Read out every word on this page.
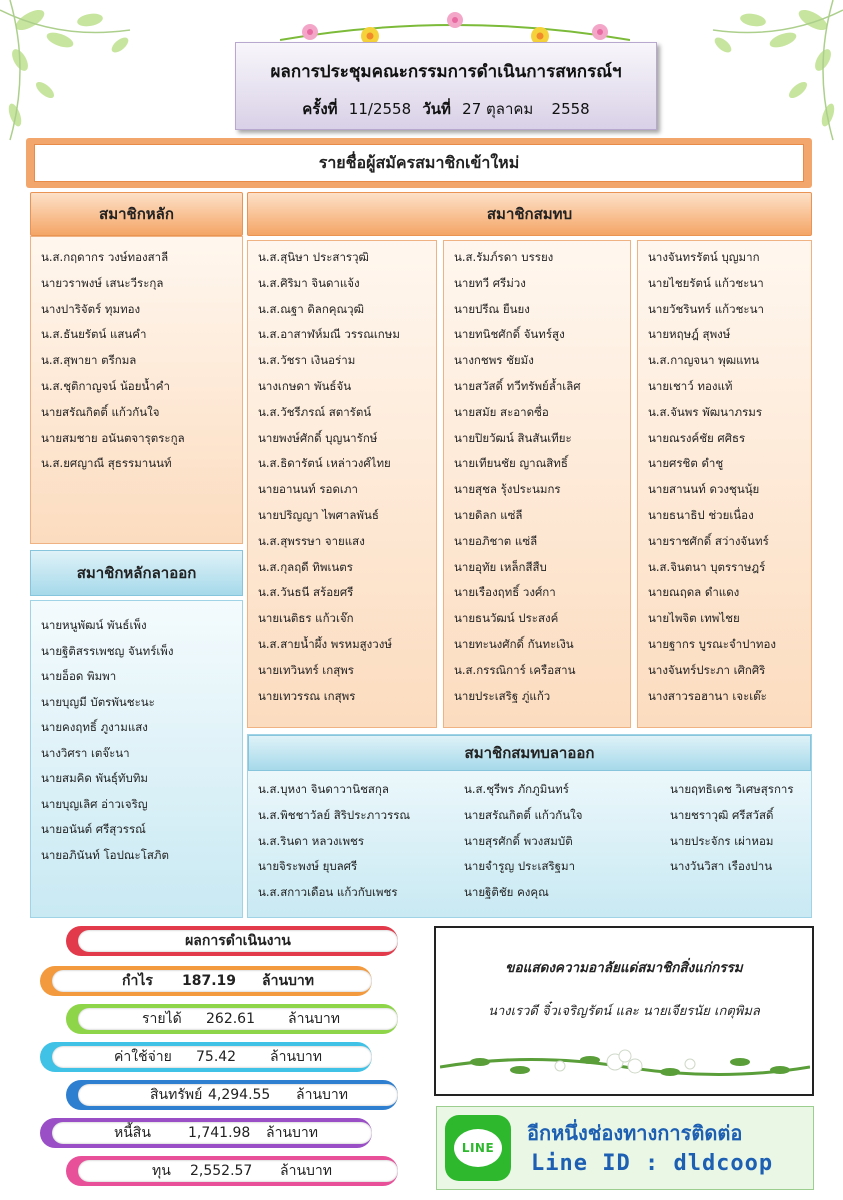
ผลการประชุมคณะกรรมการดำเนินการสหกรณ์ฯ
ครั้งที่ 11/2558 วันที่ 27 ตุลาคม 2558
รายชื่อผู้สมัครสมาชิกเข้าใหม่
สมาชิกหลัก
น.ส.กฤดากร วงษ์ทองสาลี
นายวราพงษ์ เสนะวีระกุล
นางปาริจัตร์ ทุมทอง
น.ส.ธันยรัตน์ แสนคำ
น.ส.สุพายา ตรีกมล
น.ส.ชุติกาญจน์ น้อยน้ำคำ
นายสรัณกิตติ์ แก้วกันใจ
นายสมชาย อนันตจารุตระกูล
น.ส.ยศญาณี สุธรรมานนท์
สมาชิกสมทบ
น.ส.สุนิษา ประสารวุฒิ
น.ส.ศิริมา จินดาแจ้ง
น.ส.ณฐา ดิลกคุณวุฒิ
น.ส.อาสาฬห์มณี วรรณเกษม
น.ส.วัชรา เงินอร่าม
นางเกษดา พันธ์จัน
น.ส.วัชรีภรณ์ สตารัตน์
นายพงษ์ศักดิ์ บุญนารักษ์
น.ส.ธิดารัตน์ เหล่าวงศ์ไทย
นายอานนท์ รอดเภา
นายปริญญา ไพศาลพันธ์
น.ส.สุพรรษา จายแสง
น.ส.กุลฤดี ทิพเนตร
น.ส.วันธนี สร้อยศรี
นายเนติธร แก้วเจ๊ก
น.ส.สายน้ำผึ้ง พรหมสูงวงษ์
นายเทวินทร์ เกสุพร
นายเทวรรณ เกสุพร
น.ส.รัมภ์รดา บรรยง
นายทวี ศรีม่วง
นายปรีณ ยืนยง
นายทนิชศักดิ์ จันทร์สูง
นางกชพร ชัยมัง
นายสวัสดิ์ ทวีทรัพย์ล้ำเลิศ
นายสมัย สะอาดซื่อ
นายปิยวัฒน์ สินสันเทียะ
นายเทียนชัย ญาณสิทธิ์
นายสุชล รุ้งประนมกร
นายดิลก แซ่ลี
นายอภิชาต แซ่ลี
นายอุทัย เหล็กสีสืบ
นายเรืองฤทธิ์ วงศ์กา
นายธนวัฒน์ ประสงค์
นายทะนงศักดิ์ กันทะเงิน
น.ส.กรรณิการ์ เครือสาน
นายประเสริฐ ภู่แก้ว
นางจันทรรัตน์ บุญมาก
นายไชยรัตน์ แก้วชะนา
นายวัชรินทร์ แก้วชะนา
นายหฤษฎ์ สุพงษ์
น.ส.กาญจนา พุฒแทน
นายเชาว์ ทองแท้
น.ส.จันพร พัฒนาภรมร
นายณรงค์ชัย ศศิธร
นายศรชิต ดำชู
นายสานนท์ ดวงชุนนุ้ย
นายธนาธิป ช่วยเนื่อง
นายราชศักดิ์ สว่างจันทร์
น.ส.จินตนา บุตรราษฎร์
นายณฤดล ดำแดง
นายไพจิต เทพไชย
นายฐากร บูรณะจำปาทอง
นางจันทร์ประภา เศิกศิริ
นางสาวรอฮานา เจะเต๊ะ
สมาชิกหลักลาออก
นายหนูพัฒน์ พันธ์เพ็ง
นายฐิติสรรเพชญ จันทร์เพ็ง
นายอ็อด พิมพา
นายบุญมี บัตรพันชะนะ
นายคงฤทธิ์ ภูงามแสง
นางวิศรา เตจ๊ะนา
นายสมคิด พันธุ์ทับทิม
นายบุญเลิศ อ่าวเจริญ
นายอนันต์ ศรีสุวรรณ์
นายอภินันท์ โอปณะโสภิต
สมาชิกสมทบลาออก
น.ส.บุหงา จินดาวานิชสกุล
น.ส.พิชชาวัลย์ สิริประภาวรรณ
น.ส.รินดา หลวงเพชร
นายจิระพงษ์ ยุบลศรี
น.ส.สกาวเดือน แก้วกับเพชร
น.ส.ชุรีพร ภักภูมินทร์
นายสรัณกิตติ์ แก้วกันใจ
นายสุรศักดิ์ พวงสมบัติ
นายจำรูญ ประเสริฐมา
นายฐิติชัย คงคุณ
นายฤทธิเดช วิเศษสุรการ
นายชราวุฒิ ศรีสวัสดิ์
นายประจักร เผ่าหอม
นางวันวิสา เรืองปาน
ผลการดำเนินงาน
กำไร 187.19 ล้านบาท
รายได้ 262.61 ล้านบาท
ค่าใช้จ่าย 75.42 ล้านบาท
สินทรัพย์ 4,294.55 ล้านบาท
หนี้สิน	1,741.98 ล้านบาท
ทุน 2,552.57 ล้านบาท
ขอแสดงความอาลัยแด่สมาชิกสิ่งแก่กรรม
นางเรวดี จิ๋วเจริญรัตน์ และ นายเจียรนัย เกตุพิมล
LINE
อีกหนึ่งช่องทางการติดต่อ
Line ID : dldcoop
